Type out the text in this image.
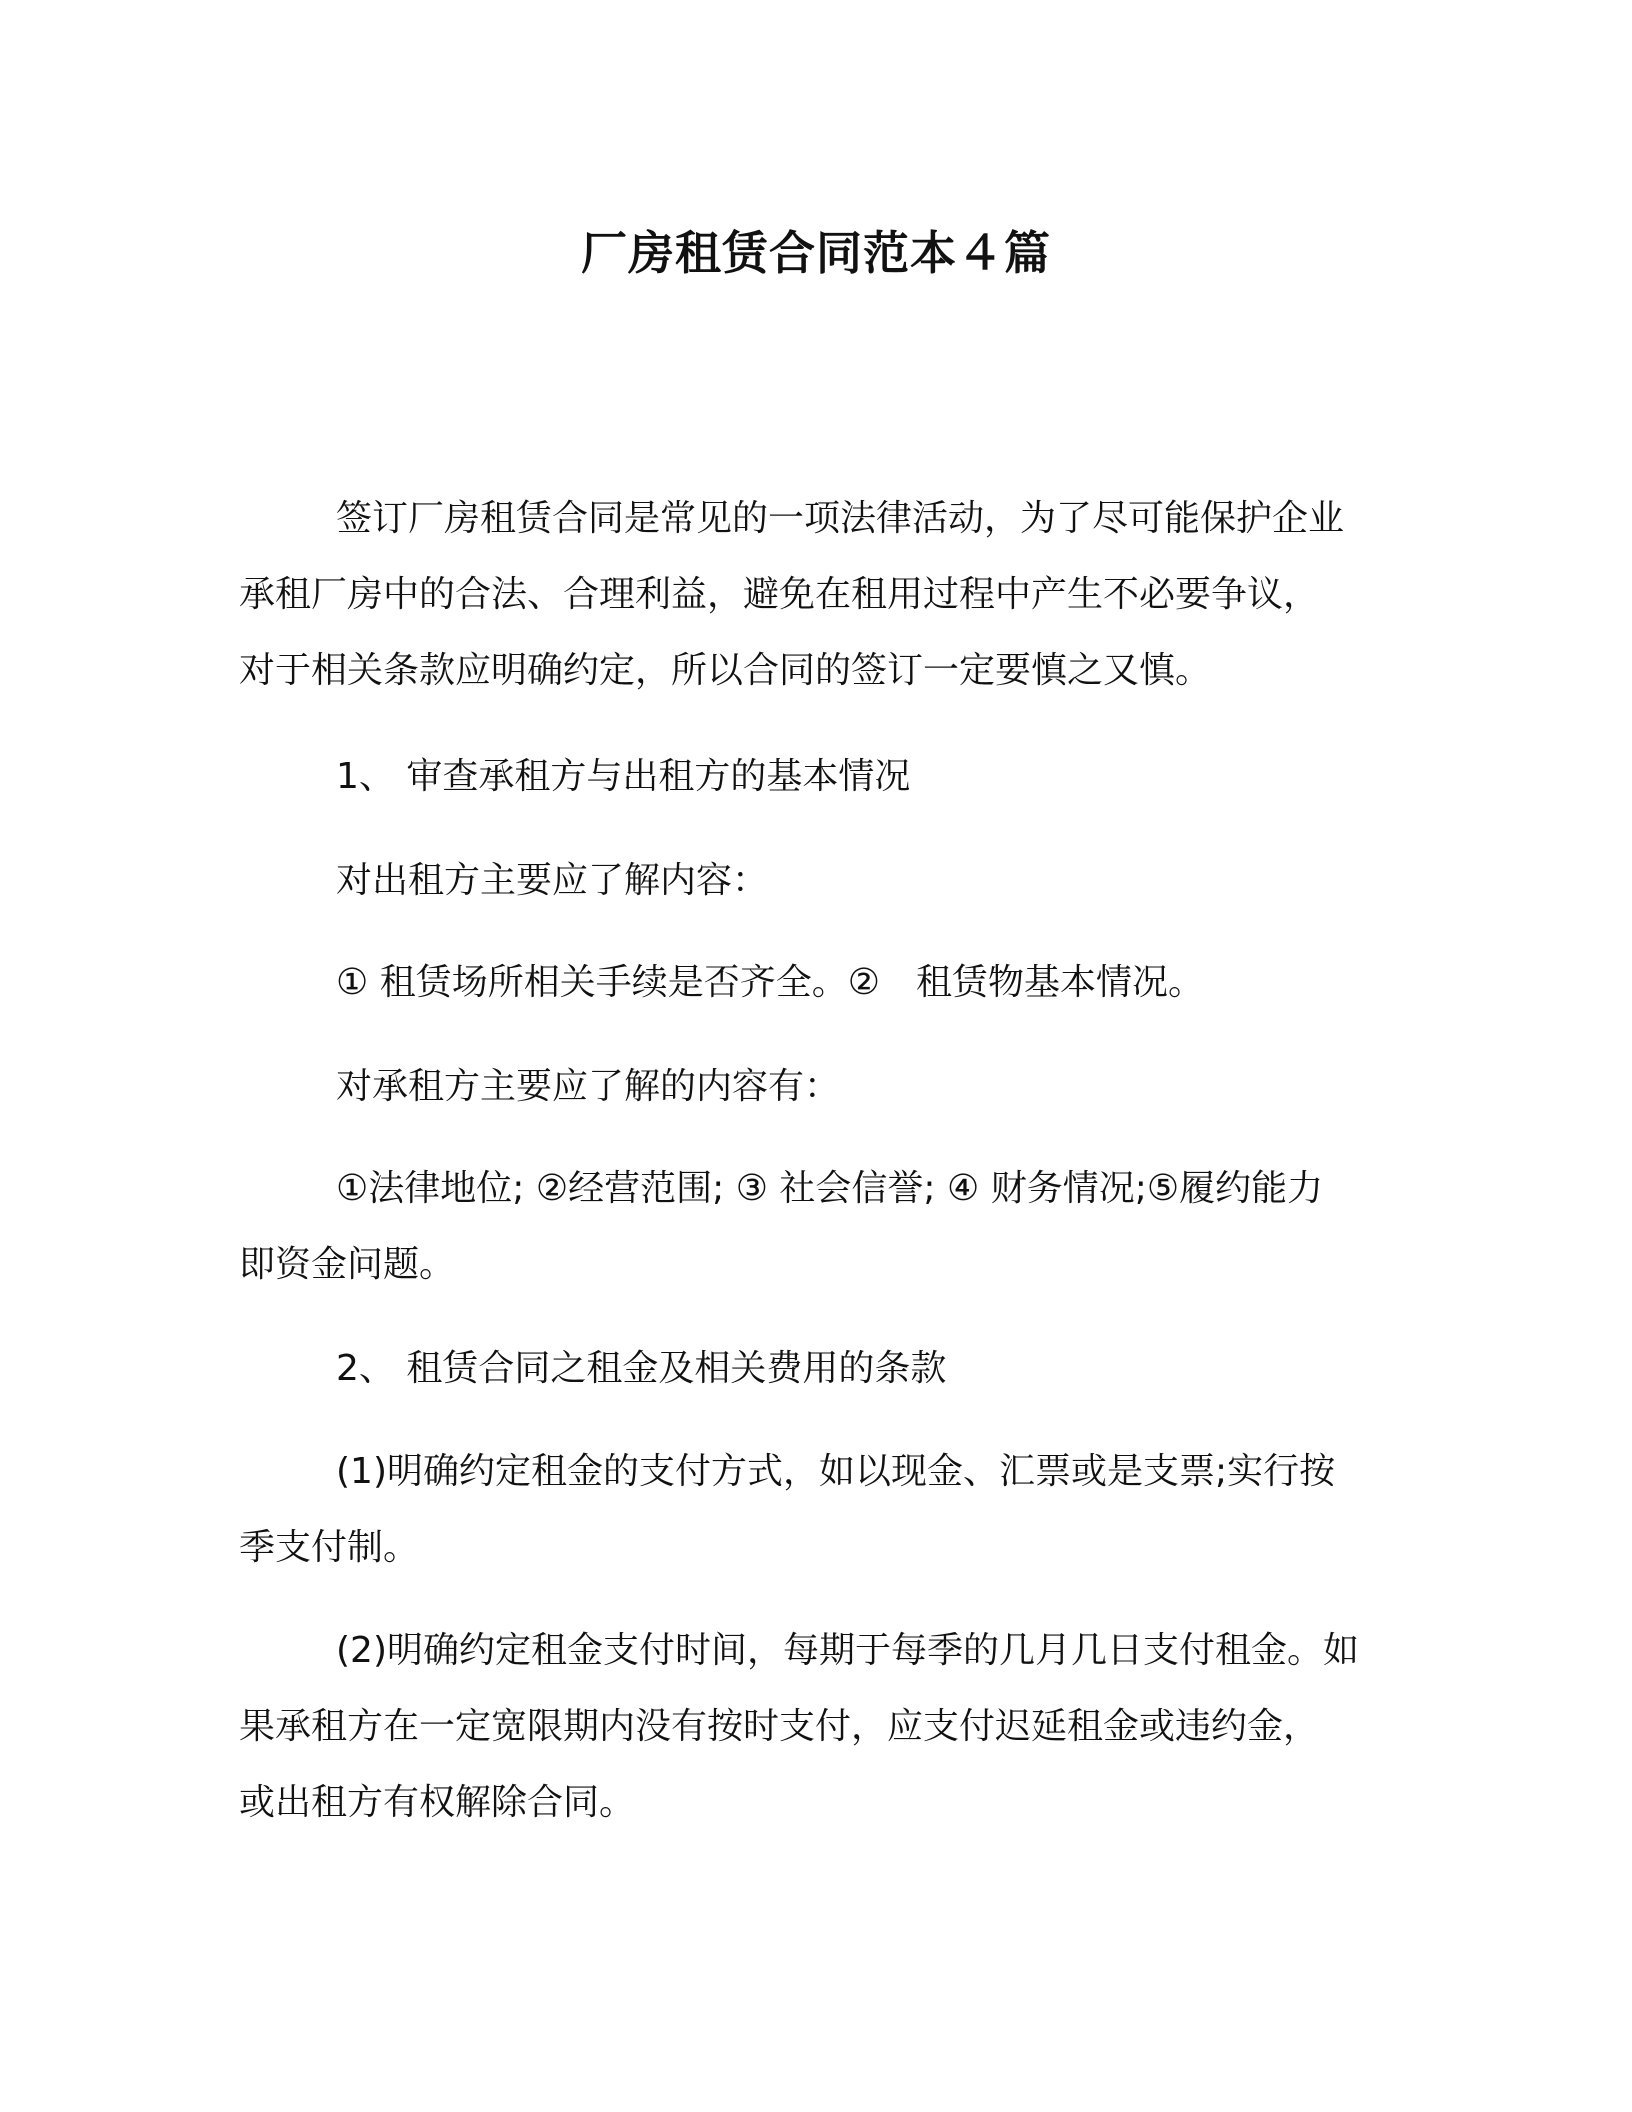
厂房租赁合同范本４篇
签订厂房租赁合同是常见的一项法律活动，为了尽可能保护企业
承租厂房中的合法、合理利益，避免在租用过程中产生不必要争议，
对于相关条款应明确约定，所以合同的签订一定要慎之又慎。
1、 审查承租方与出租方的基本情况
对出租方主要应了解内容：
① 租赁场所相关手续是否齐全。②　租赁物基本情况。
对承租方主要应了解的内容有：
①法律地位; ②经营范围; ③ 社会信誉; ④ 财务情况;⑤履约能力
即资金问题。
2、 租赁合同之租金及相关费用的条款
(1)明确约定租金的支付方式，如以现金、汇票或是支票;实行按
季支付制。
(2)明确约定租金支付时间，每期于每季的几月几日支付租金。如
果承租方在一定宽限期内没有按时支付，应支付迟延租金或违约金，
或出租方有权解除合同。
